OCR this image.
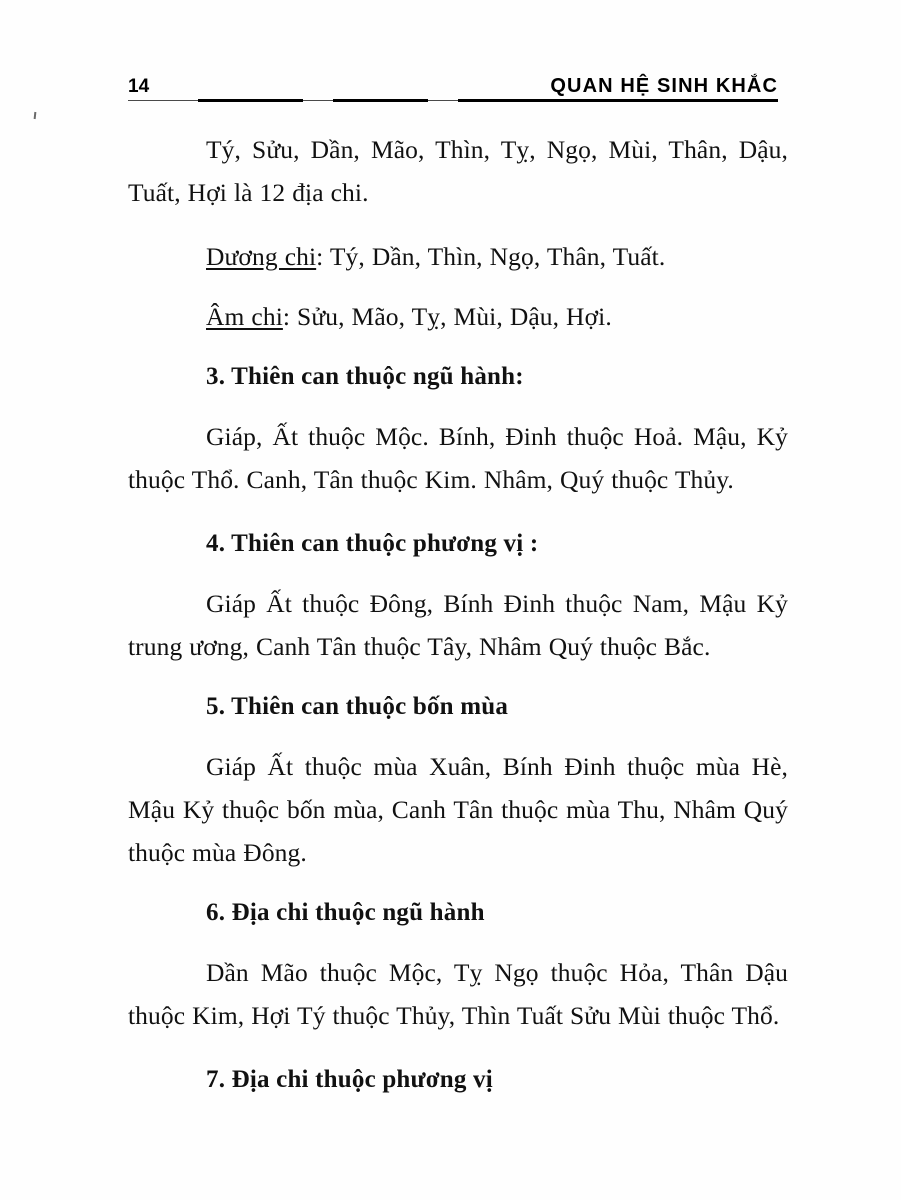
14	QUAN HỆ SINH KHẮC

Tý, Sửu, Dần, Mão, Thìn, Tỵ, Ngọ, Mùi, Thân, Dậu, Tuất, Hợi là 12 địa chi.

Dương chi: Tý, Dần, Thìn, Ngọ, Thân, Tuất.

Âm chi: Sửu, Mão, Tỵ, Mùi, Dậu, Hợi.

3. Thiên can thuộc ngũ hành:

Giáp, Ất thuộc Mộc. Bính, Đinh thuộc Hoả. Mậu, Kỷ thuộc Thổ. Canh, Tân thuộc Kim. Nhâm, Quý thuộc Thủy.

4. Thiên can thuộc phương vị :

Giáp Ất thuộc Đông, Bính Đinh thuộc Nam, Mậu Kỷ trung ương, Canh Tân thuộc Tây, Nhâm Quý thuộc Bắc.

5. Thiên can thuộc bốn mùa

Giáp Ất thuộc mùa Xuân, Bính Đinh thuộc mùa Hè, Mậu Kỷ thuộc bốn mùa, Canh Tân thuộc mùa Thu, Nhâm Quý thuộc mùa Đông.

6. Địa chi thuộc ngũ hành

Dần Mão thuộc Mộc, Tỵ Ngọ thuộc Hỏa, Thân Dậu thuộc Kim, Hợi Tý thuộc Thủy, Thìn Tuất Sửu Mùi thuộc Thổ.

7. Địa chi thuộc phương vị
